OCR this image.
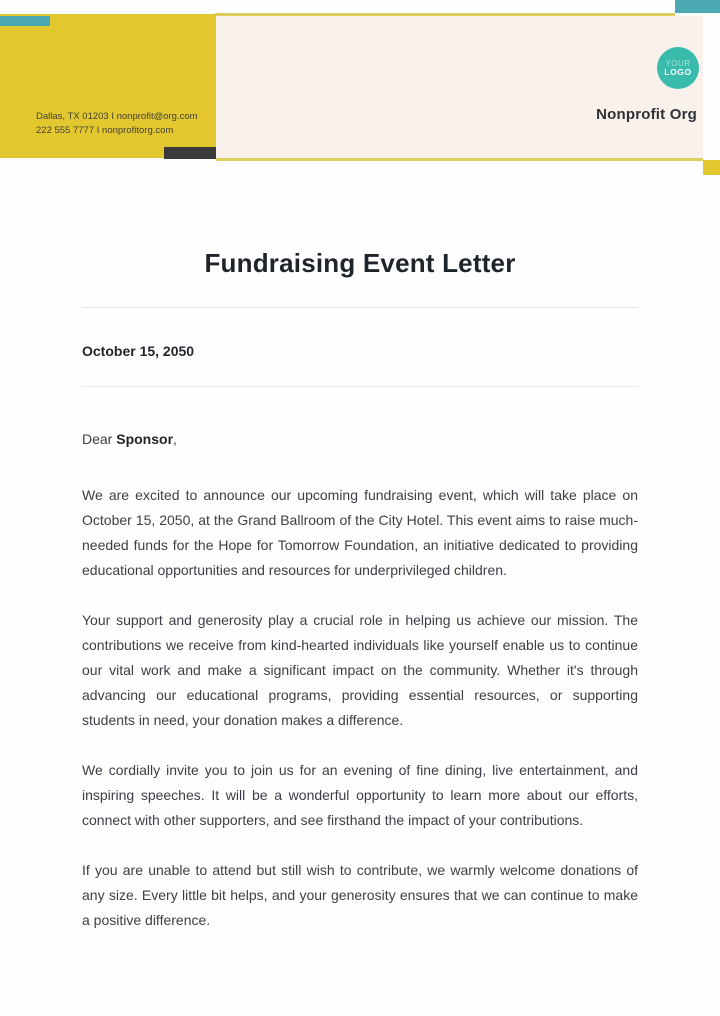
Dallas, TX 01203 I nonprofit@org.com
222 555 7777 I nonprofitorg.com
YOUR
LOGO
Nonprofit Org
Fundraising Event Letter
October 15, 2050

Dear Sponsor,

We are excited to announce our upcoming fundraising event, which will take place on October 15, 2050, at the Grand Ballroom of the City Hotel. This event aims to raise much-needed funds for the Hope for Tomorrow Foundation, an initiative dedicated to providing educational opportunities and resources for underprivileged children.

Your support and generosity play a crucial role in helping us achieve our mission. The contributions we receive from kind-hearted individuals like yourself enable us to continue our vital work and make a significant impact on the community. Whether it's through advancing our educational programs, providing essential resources, or supporting students in need, your donation makes a difference.

We cordially invite you to join us for an evening of fine dining, live entertainment, and inspiring speeches. It will be a wonderful opportunity to learn more about our efforts, connect with other supporters, and see firsthand the impact of your contributions.

If you are unable to attend but still wish to contribute, we warmly welcome donations of any size. Every little bit helps, and your generosity ensures that we can continue to make a positive difference.
